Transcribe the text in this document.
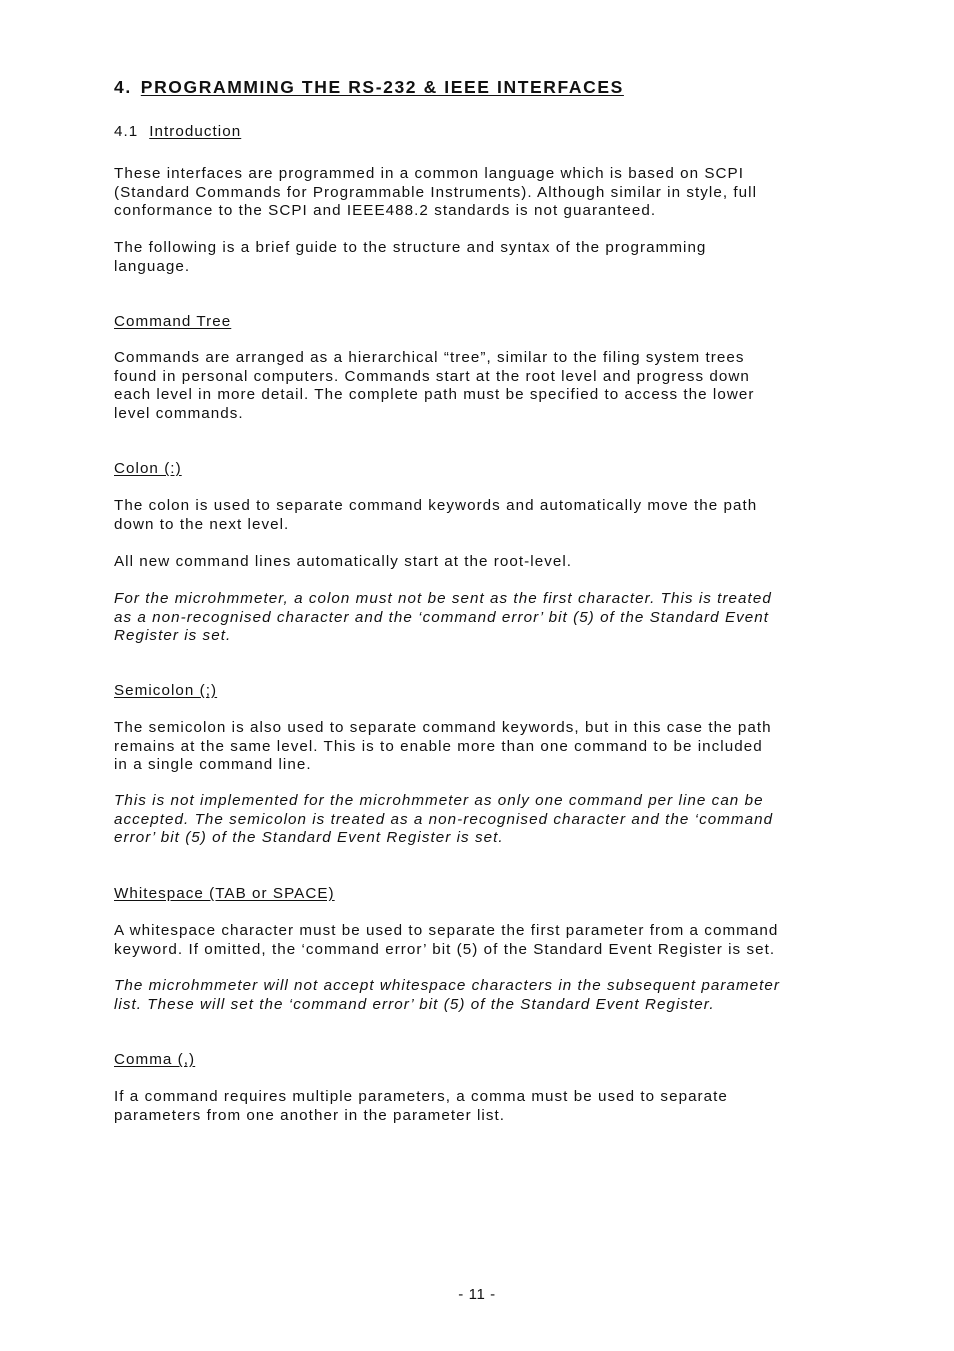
4. PROGRAMMING THE RS-232 & IEEE INTERFACES
4.1 Introduction
These interfaces are programmed in a common language which is based on SCPI
(Standard Commands for Programmable Instruments). Although similar in style, full
conformance to the SCPI and IEEE488.2 standards is not guaranteed.
The following is a brief guide to the structure and syntax of the programming
language.
Command Tree
Commands are arranged as a hierarchical “tree”, similar to the filing system trees
found in personal computers. Commands start at the root level and progress down
each level in more detail. The complete path must be specified to access the lower
level commands.
Colon (:)
The colon is used to separate command keywords and automatically move the path
down to the next level.
All new command lines automatically start at the root-level.
For the microhmmeter, a colon must not be sent as the first character. This is treated
as a non-recognised character and the ‘command error’ bit (5) of the Standard Event
Register is set.
Semicolon (;)
The semicolon is also used to separate command keywords, but in this case the path
remains at the same level. This is to enable more than one command to be included
in a single command line.
This is not implemented for the microhmmeter as only one command per line can be
accepted. The semicolon is treated as a non-recognised character and the ‘command
error’ bit (5) of the Standard Event Register is set.
Whitespace (TAB or SPACE)
A whitespace character must be used to separate the first parameter from a command
keyword. If omitted, the ‘command error’ bit (5) of the Standard Event Register is set.
The microhmmeter will not accept whitespace characters in the subsequent parameter
list. These will set the ‘command error’ bit (5) of the Standard Event Register.
Comma (,)
If a command requires multiple parameters, a comma must be used to separate
parameters from one another in the parameter list.
- 11 -
